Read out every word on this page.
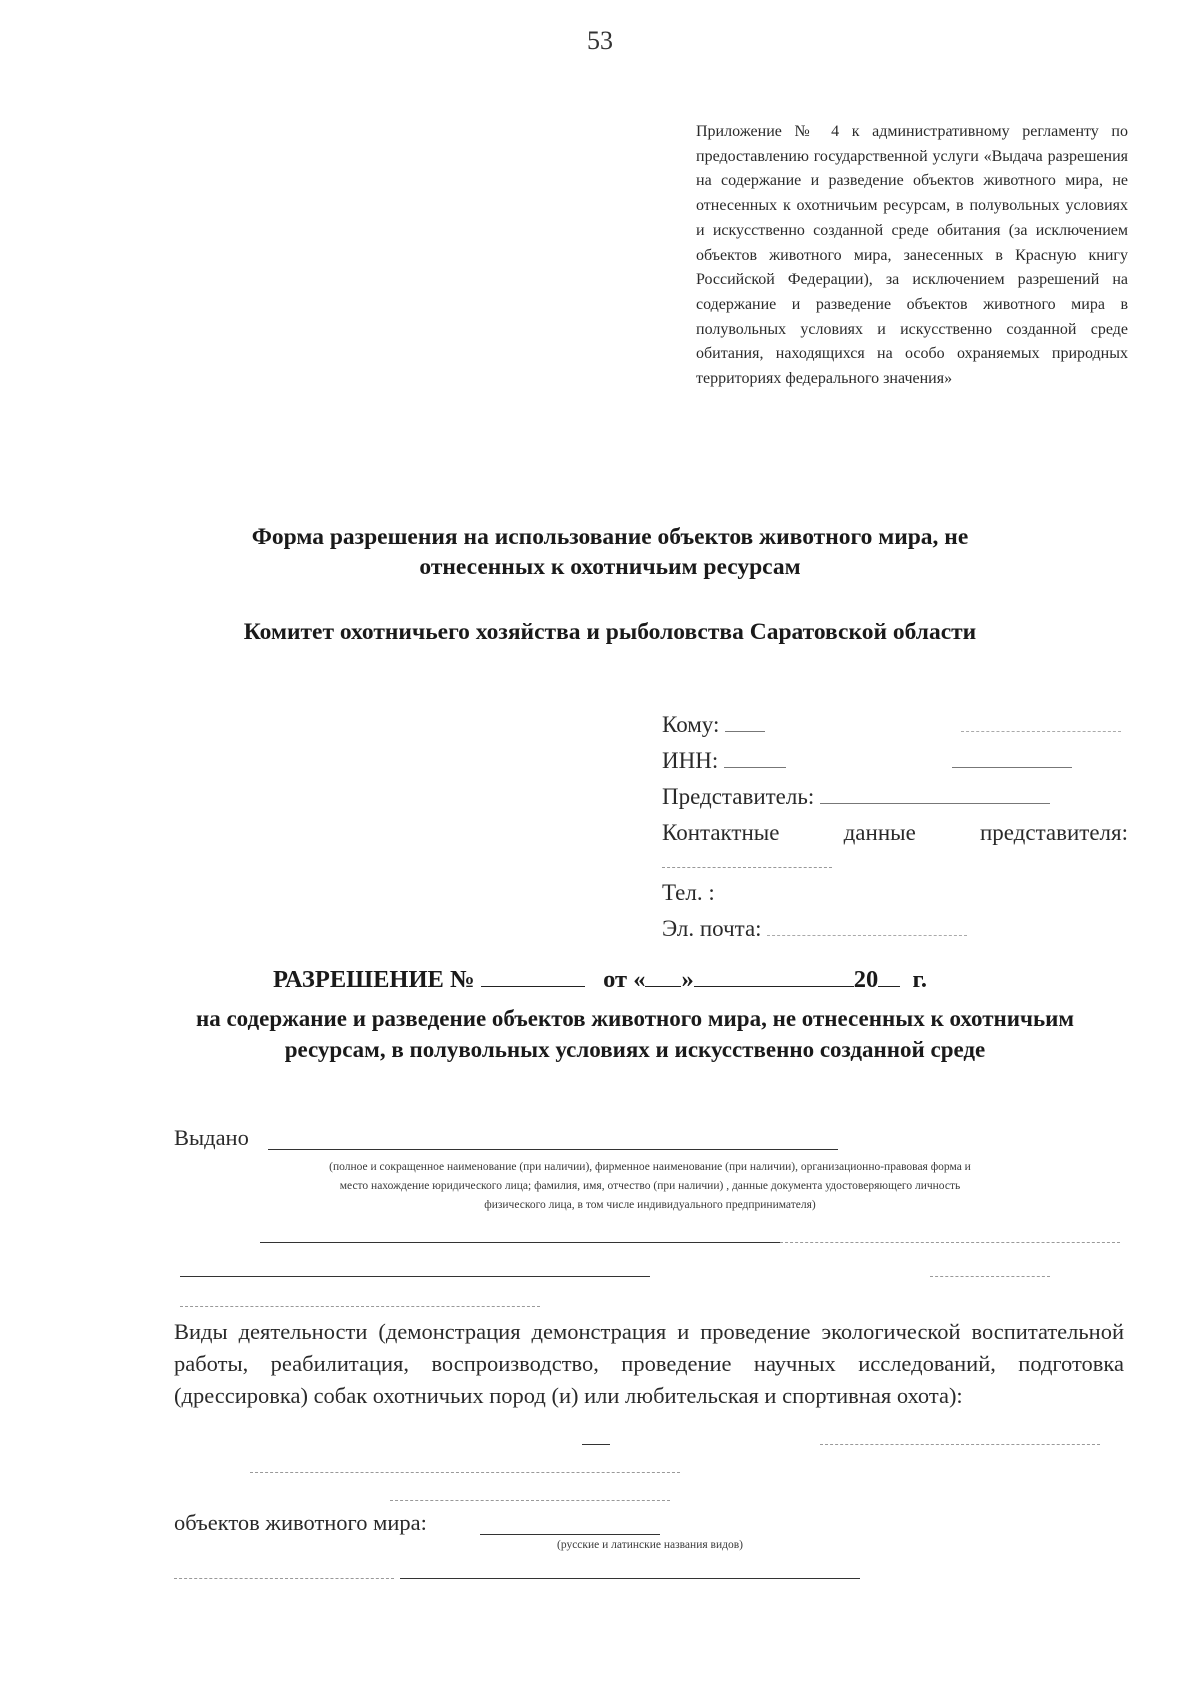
53
Приложение № 4 к административному регламенту по предоставлению государственной услуги «Выдача разрешения на содержание и разведение объектов животного мира, не отнесенных к охотничьим ресурсам, в полувольных условиях и искусственно созданной среде обитания (за исключением объектов животного мира, занесенных в Красную книгу Российской Федерации), за исключением разрешений на содержание и разведение объектов животного мира в полувольных условиях и искусственно созданной среде обитания, находящихся на особо охраняемых природных территориях федерального значения»
Форма разрешения на использование объектов животного мира, не
отнесенных к охотничьим ресурсам
Комитет охотничьего хозяйства и рыболовства Саратовской области
Кому:
ИНН:
Представитель:
Контактные	данные	представителя:
Тел. :
Эл. почта:
РАЗРЕШЕНИЕ №	от « »	20 г.
на содержание и разведение объектов животного мира, не отнесенных к охотничьим ресурсам, в полувольных условиях и искусственно созданной среде
Выдано
(полное и сокращенное наименование (при наличии), фирменное наименование (при наличии), организационно-правовая форма и
место нахождение юридического лица; фамилия, имя, отчество (при наличии) , данные документа удостоверяющего личность
физического лица, в том числе индивидуального предпринимателя)
Виды деятельности (демонстрация демонстрация и проведение экологической воспитательной работы, реабилитация, воспроизводство, проведение научных исследований, подготовка (дрессировка) собак охотничьих пород (и) или любительская и спортивная охота):
объектов животного мира:
(русские и латинские названия видов)
